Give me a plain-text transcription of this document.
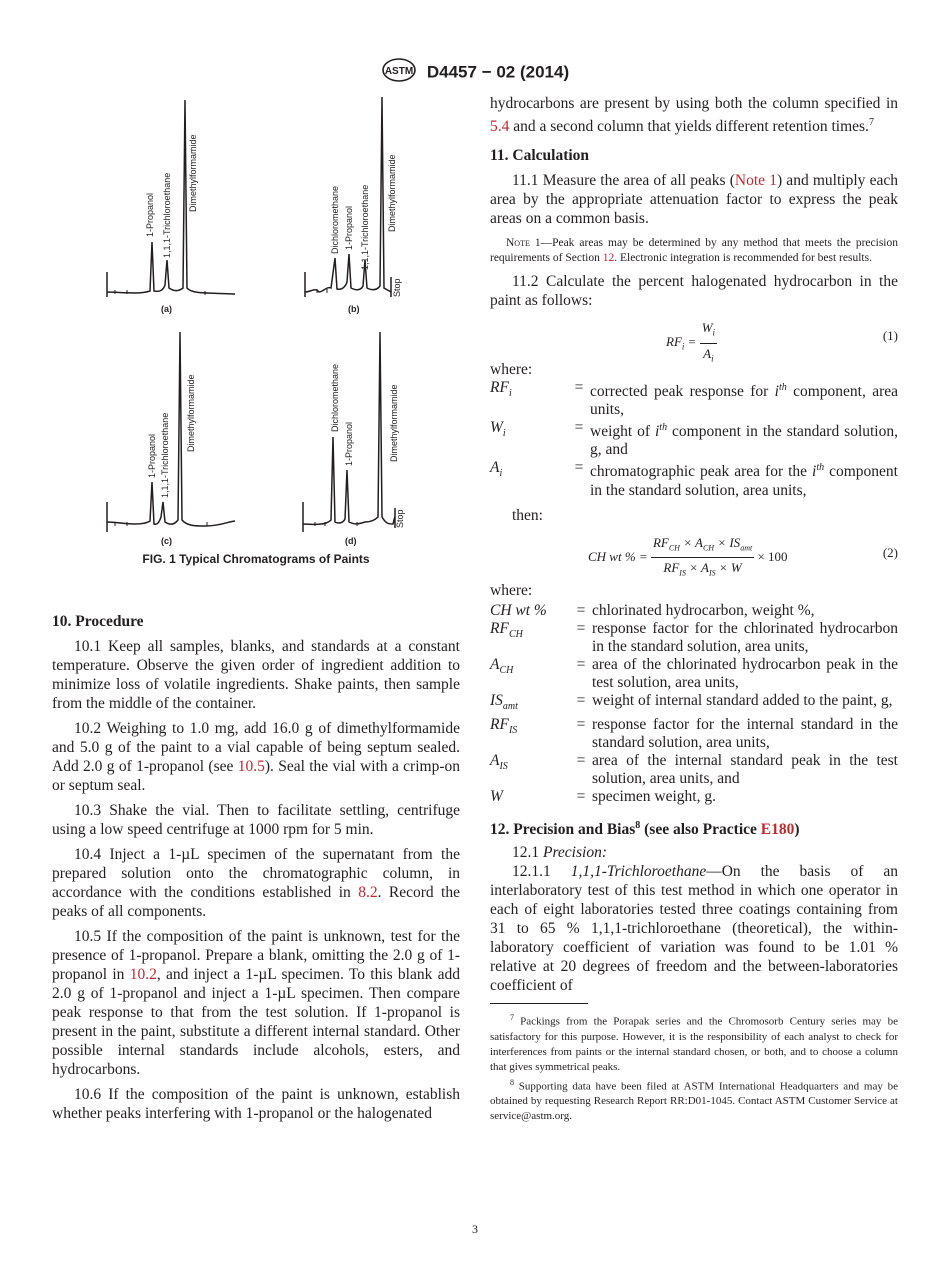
ASTM D4457 − 02 (2014)
1-Propanol 1,1,1-Trichloroethane Dimethylformamide
(a)
Dichloromethane 1-Propanol 1,1,1-Trichloroethane Dimethylformamide
Stop
(b)
1-Propanol 1,1,1-Trichloroethane Dimethylformamide
(c)
Dichloromethane
1-Propanol	Dimethylformamide
Stop
(d)
FIG. 1 Typical Chromatograms of Paints
10. Procedure

10.1 Keep all samples, blanks, and standards at a constant temperature. Observe the given order of ingredient addition to minimize loss of volatile ingredients. Shake paints, then sample from the middle of the container.

10.2 Weighing to 1.0 mg, add 16.0 g of dimethylformamide and 5.0 g of the paint to a vial capable of being septum sealed. Add 2.0 g of 1-propanol (see 10.5). Seal the vial with a crimp-on or septum seal.

10.3 Shake the vial. Then to facilitate settling, centrifuge using a low speed centrifuge at 1000 rpm for 5 min.

10.4 Inject a 1-µL specimen of the supernatant from the prepared solution onto the chromatographic column, in accordance with the conditions established in 8.2. Record the peaks of all components.

10.5 If the composition of the paint is unknown, test for the presence of 1-propanol. Prepare a blank, omitting the 2.0 g of 1-propanol in 10.2, and inject a 1-µL specimen. To this blank add 2.0 g of 1-propanol and inject a 1-µL specimen. Then compare peak response to that from the test solution. If 1-propanol is present in the paint, substitute a different internal standard. Other possible internal standards include alcohols, esters, and hydrocarbons.

10.6 If the composition of the paint is unknown, establish whether peaks interfering with 1-propanol or the halogenated

hydrocarbons are present by using both the column specified in 5.4 and a second column that yields different retention times.$^7$

11. Calculation

11.1 Measure the area of all peaks (Note 1) and multiply each area by the appropriate attenuation factor to express the peak areas on a common basis.

Note 1—Peak areas may be determined by any method that meets the precision requirements of Section 12. Electronic integration is recommended for best results.

11.2 Calculate the percent halogenated hydrocarbon in the paint as follows:

$RF_i = \frac{W_i}{A_i}$	(1)

where:

$RF_i$	=	corrected peak response for $i^{th}$ component, area units,
$W_i$	=	weight of $i^{th}$ component in the standard solution, g, and
$A_i$	=	chromatographic peak area for the $i^{th}$ component in the standard solution, area units,

then:

CH wt % = $\frac{RF_{CH} \times A_{CH} \times IS_{amt}}{RF_{IS} \times A_{IS} \times W} \times 100$	(2)

where:

CH wt %	=	chlorinated hydrocarbon, weight %,
$RF_{CH}$	=	response factor for the chlorinated hydrocarbon in the standard solution, area units,
$A_{CH}$	=	area of the chlorinated hydrocarbon peak in the test solution, area units,
$IS_{amt}$	=	weight of internal standard added to the paint, g,
$RF_{IS}$	=	response factor for the internal standard in the standard solution, area units,
$A_{IS}$	=	area of the internal standard peak in the test solution, area units, and
W	=	specimen weight, g.
12. Precision and Bias$^8$ (see also Practice E180)

12.1 Precision:

12.1.1 1,1,1-Trichloroethane—On the basis of an interlaboratory test of this test method in which one operator in each of eight laboratories tested three coatings containing from 31 to 65 % 1,1,1-trichloroethane (theoretical), the within-laboratory coefficient of variation was found to be 1.01 % relative at 20 degrees of freedom and the between-laboratories coefficient of

$^7$ Packings from the Porapak series and the Chromosorb Century series may be satisfactory for this purpose. However, it is the responsibility of each analyst to check for interferences from paints or the internal standard chosen, or both, and to choose a column that gives symmetrical peaks.

$^8$ Supporting data have been filed at ASTM International Headquarters and may be obtained by requesting Research Report RR:D01-1045. Contact ASTM Customer Service at service@astm.org.

3
